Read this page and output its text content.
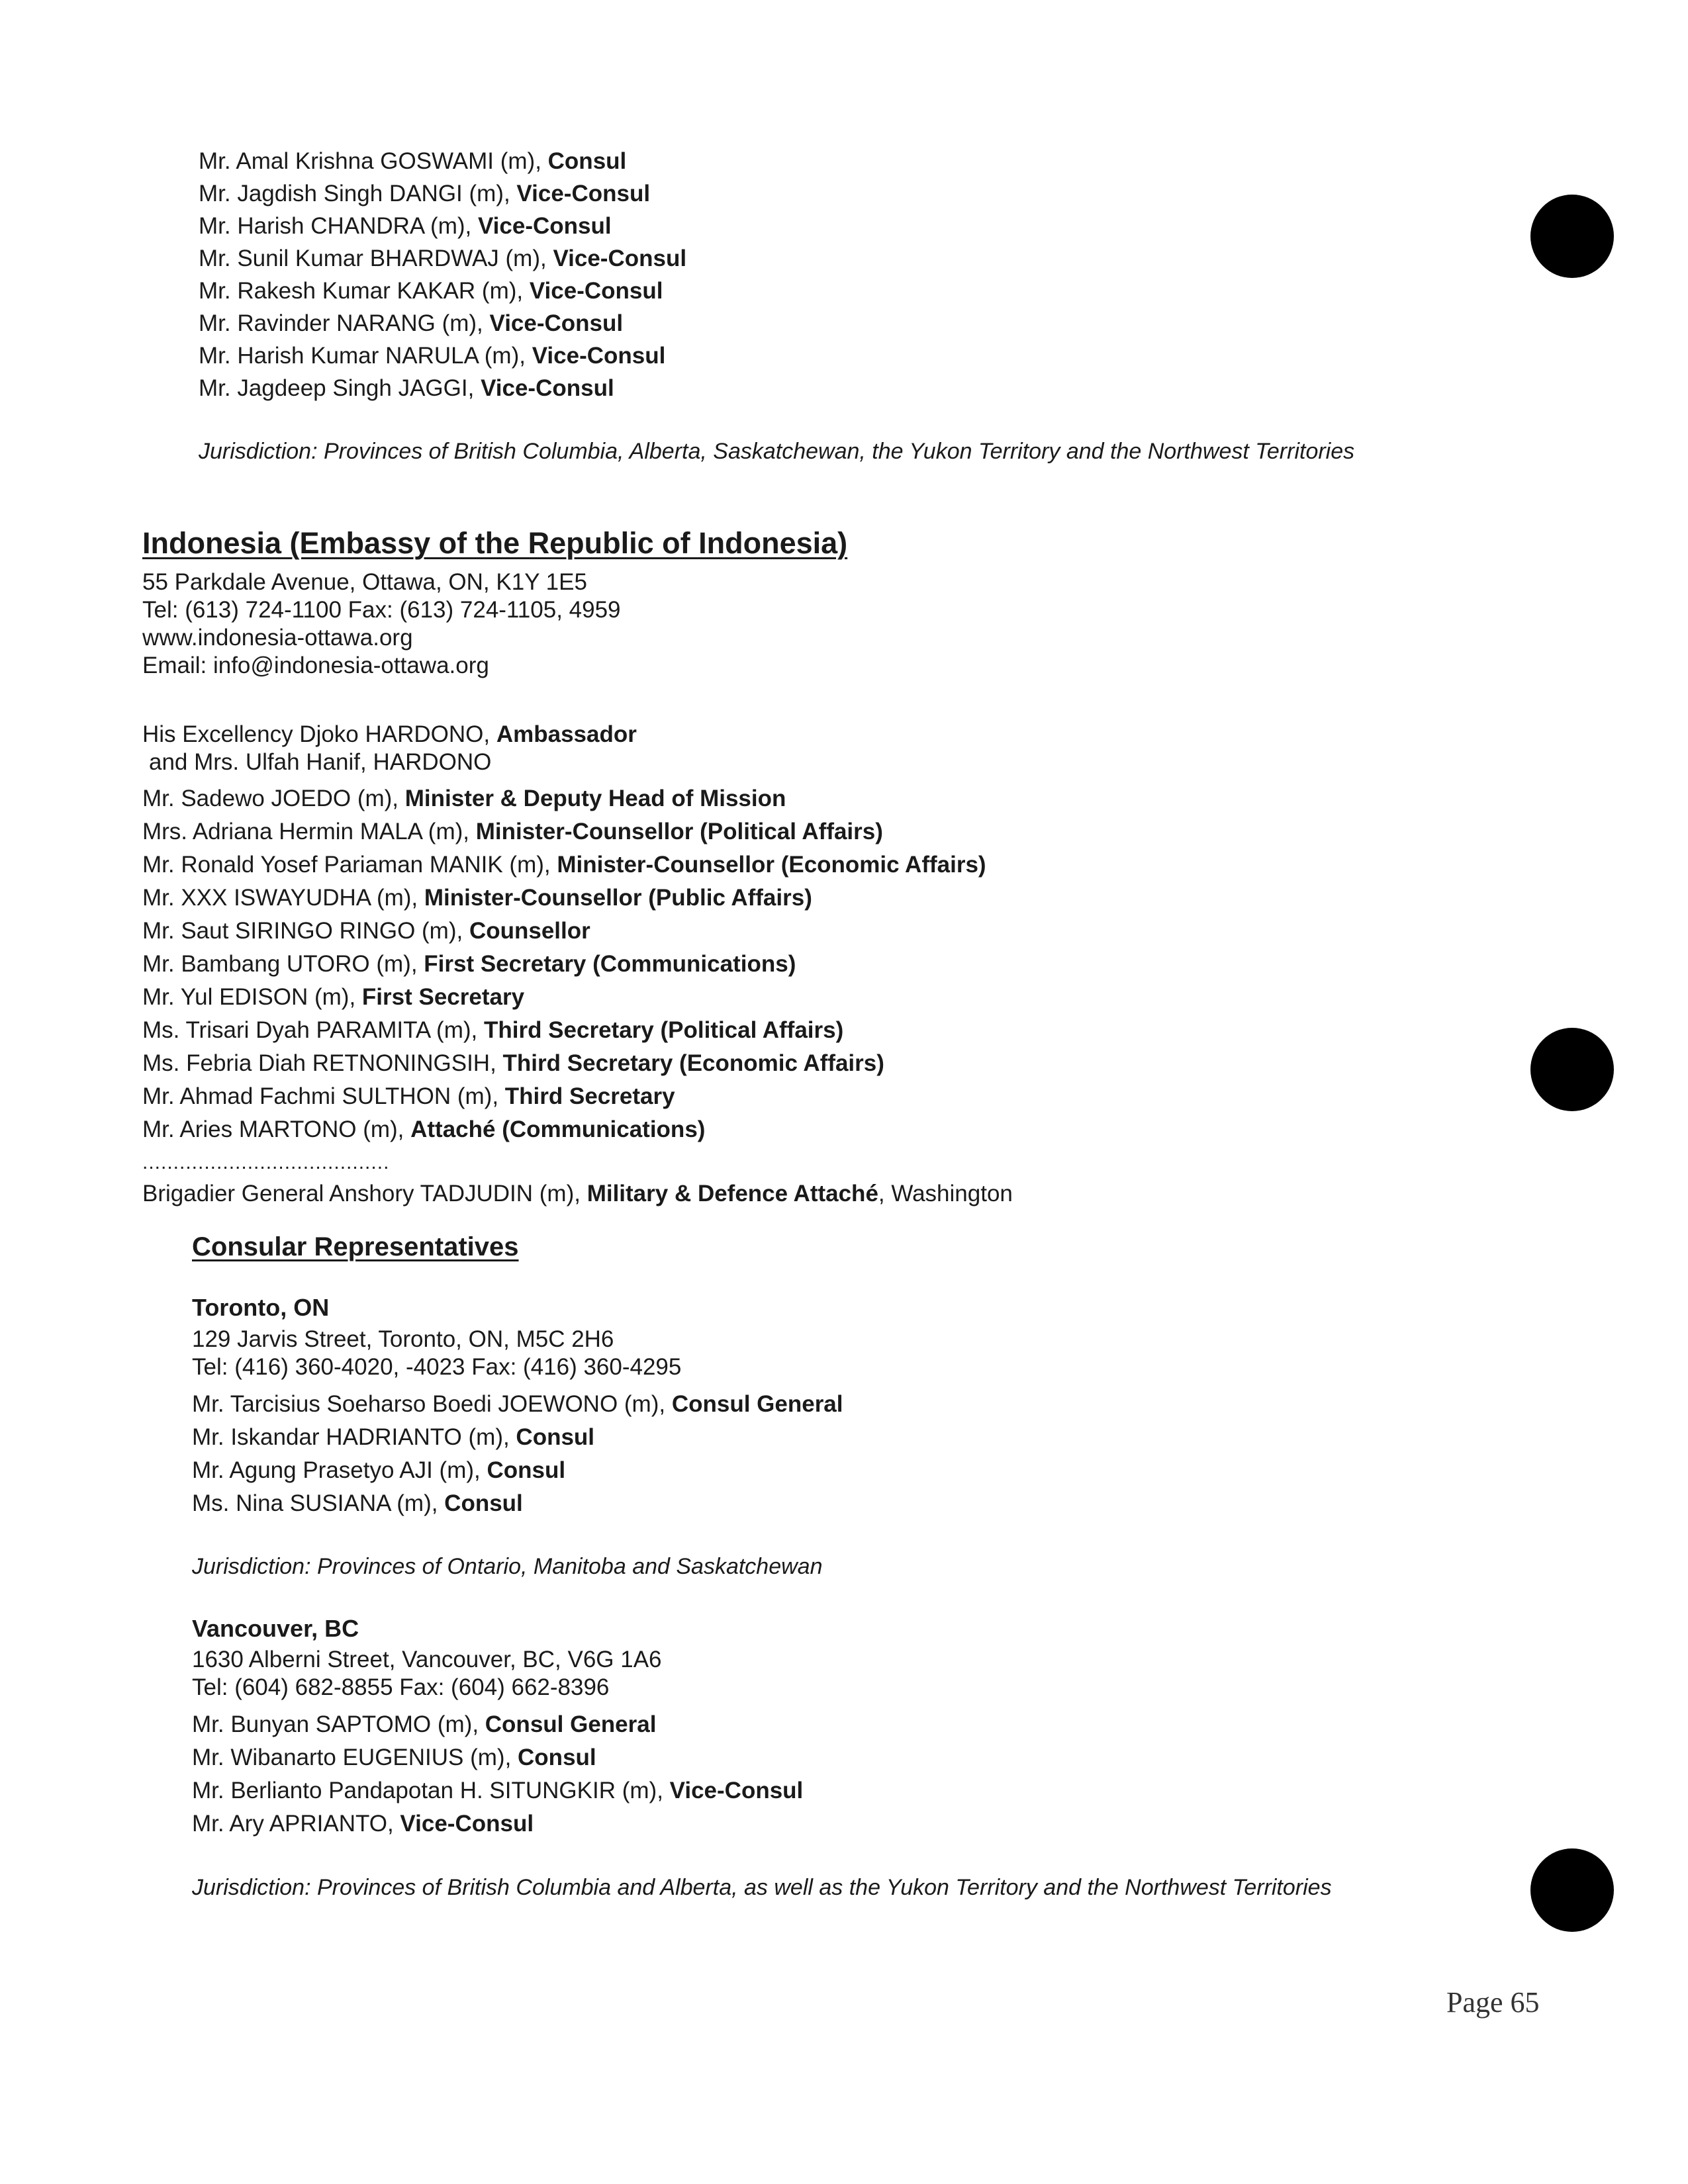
Mr. Amal Krishna GOSWAMI (m), Consul
Mr. Jagdish Singh DANGI (m), Vice-Consul
Mr. Harish CHANDRA (m), Vice-Consul
Mr. Sunil Kumar BHARDWAJ (m), Vice-Consul
Mr. Rakesh Kumar KAKAR (m), Vice-Consul
Mr. Ravinder NARANG (m), Vice-Consul
Mr. Harish Kumar NARULA (m), Vice-Consul
Mr. Jagdeep Singh JAGGI, Vice-Consul
Jurisdiction: Provinces of British Columbia, Alberta, Saskatchewan, the Yukon Territory and the Northwest Territories
Indonesia (Embassy of the Republic of Indonesia)
55 Parkdale Avenue, Ottawa, ON, K1Y 1E5
Tel: (613) 724-1100 Fax: (613) 724-1105, 4959
www.indonesia-ottawa.org
Email: info@indonesia-ottawa.org
His Excellency Djoko HARDONO, Ambassador
and Mrs. Ulfah Hanif, HARDONO
Mr. Sadewo JOEDO (m), Minister & Deputy Head of Mission
Mrs. Adriana Hermin MALA (m), Minister-Counsellor (Political Affairs)
Mr. Ronald Yosef Pariaman MANIK (m), Minister-Counsellor (Economic Affairs)
Mr. XXX ISWAYUDHA (m), Minister-Counsellor (Public Affairs)
Mr. Saut SIRINGO RINGO (m), Counsellor
Mr. Bambang UTORO (m), First Secretary (Communications)
Mr. Yul EDISON (m), First Secretary
Ms. Trisari Dyah PARAMITA (m), Third Secretary (Political Affairs)
Ms. Febria Diah RETNONINGSIH, Third Secretary (Economic Affairs)
Mr. Ahmad Fachmi SULTHON (m), Third Secretary
Mr. Aries MARTONO (m), Attaché (Communications)
........................................
Brigadier General Anshory TADJUDIN (m), Military & Defence Attaché, Washington
Consular Representatives
Toronto, ON
129 Jarvis Street, Toronto, ON, M5C 2H6
Tel: (416) 360-4020, -4023 Fax: (416) 360-4295
Mr. Tarcisius Soeharso Boedi JOEWONO (m), Consul General
Mr. Iskandar HADRIANTO (m), Consul
Mr. Agung Prasetyo AJI (m), Consul
Ms. Nina SUSIANA (m), Consul
Jurisdiction: Provinces of Ontario, Manitoba and Saskatchewan
Vancouver, BC
1630 Alberni Street, Vancouver, BC, V6G 1A6
Tel: (604) 682-8855 Fax: (604) 662-8396
Mr. Bunyan SAPTOMO (m), Consul General
Mr. Wibanarto EUGENIUS (m), Consul
Mr. Berlianto Pandapotan H. SITUNGKIR (m), Vice-Consul
Mr. Ary APRIANTO, Vice-Consul
Jurisdiction: Provinces of British Columbia and Alberta, as well as the Yukon Territory and the Northwest Territories
Page 65
